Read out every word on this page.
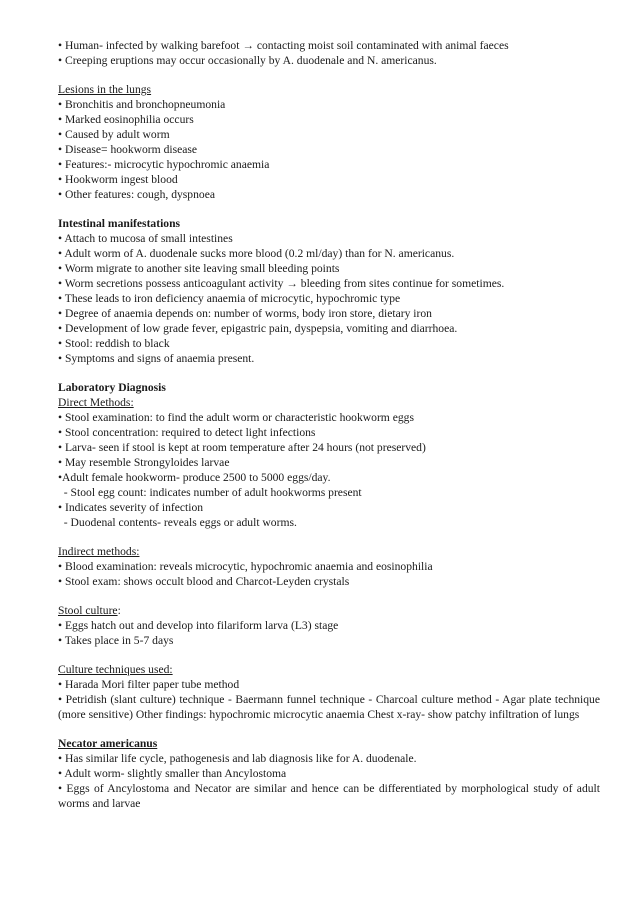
• Human- infected by walking barefoot → contacting moist soil contaminated with animal faeces
• Creeping eruptions may occur occasionally by A. duodenale and N. americanus.
Lesions in the lungs
• Bronchitis and bronchopneumonia
• Marked eosinophilia occurs
• Caused by adult worm
• Disease= hookworm disease
• Features:- microcytic hypochromic anaemia
• Hookworm ingest blood
• Other features: cough, dyspnoea
Intestinal manifestations
• Attach to mucosa of small intestines
• Adult worm of A. duodenale sucks more blood (0.2 ml/day) than for N. americanus.
• Worm migrate to another site leaving small bleeding points
• Worm secretions possess anticoagulant activity → bleeding from sites continue for sometimes.
• These leads to iron deficiency anaemia of microcytic, hypochromic type
• Degree of anaemia depends on: number of worms, body iron store, dietary iron
• Development of low grade fever, epigastric pain, dyspepsia, vomiting and diarrhoea.
• Stool: reddish to black
• Symptoms and signs of anaemia present.
Laboratory Diagnosis
Direct Methods:
• Stool examination: to find the adult worm or characteristic hookworm eggs
• Stool concentration: required to detect light infections
• Larva- seen if stool is kept at room temperature after 24 hours (not preserved)
• May resemble Strongyloides larvae
•Adult female hookworm- produce 2500 to 5000 eggs/day.
- Stool egg count: indicates number of adult hookworms present
• Indicates severity of infection
- Duodenal contents- reveals eggs or adult worms.
Indirect methods:
• Blood examination: reveals microcytic, hypochromic anaemia and eosinophilia
• Stool exam: shows occult blood and Charcot-Leyden crystals
Stool culture:
• Eggs hatch out and develop into filariform larva (L3) stage
• Takes place in 5-7 days
Culture techniques used:
• Harada Mori filter paper tube method
• Petridish (slant culture) technique - Baermann funnel technique - Charcoal culture method - Agar plate technique (more sensitive) Other findings: hypochromic microcytic anaemia Chest x-ray- show patchy infiltration of lungs
Necator americanus
• Has similar life cycle, pathogenesis and lab diagnosis like for A. duodenale.
• Adult worm- slightly smaller than Ancylostoma
• Eggs of Ancylostoma and Necator are similar and hence can be differentiated by morphological study of adult worms and larvae
